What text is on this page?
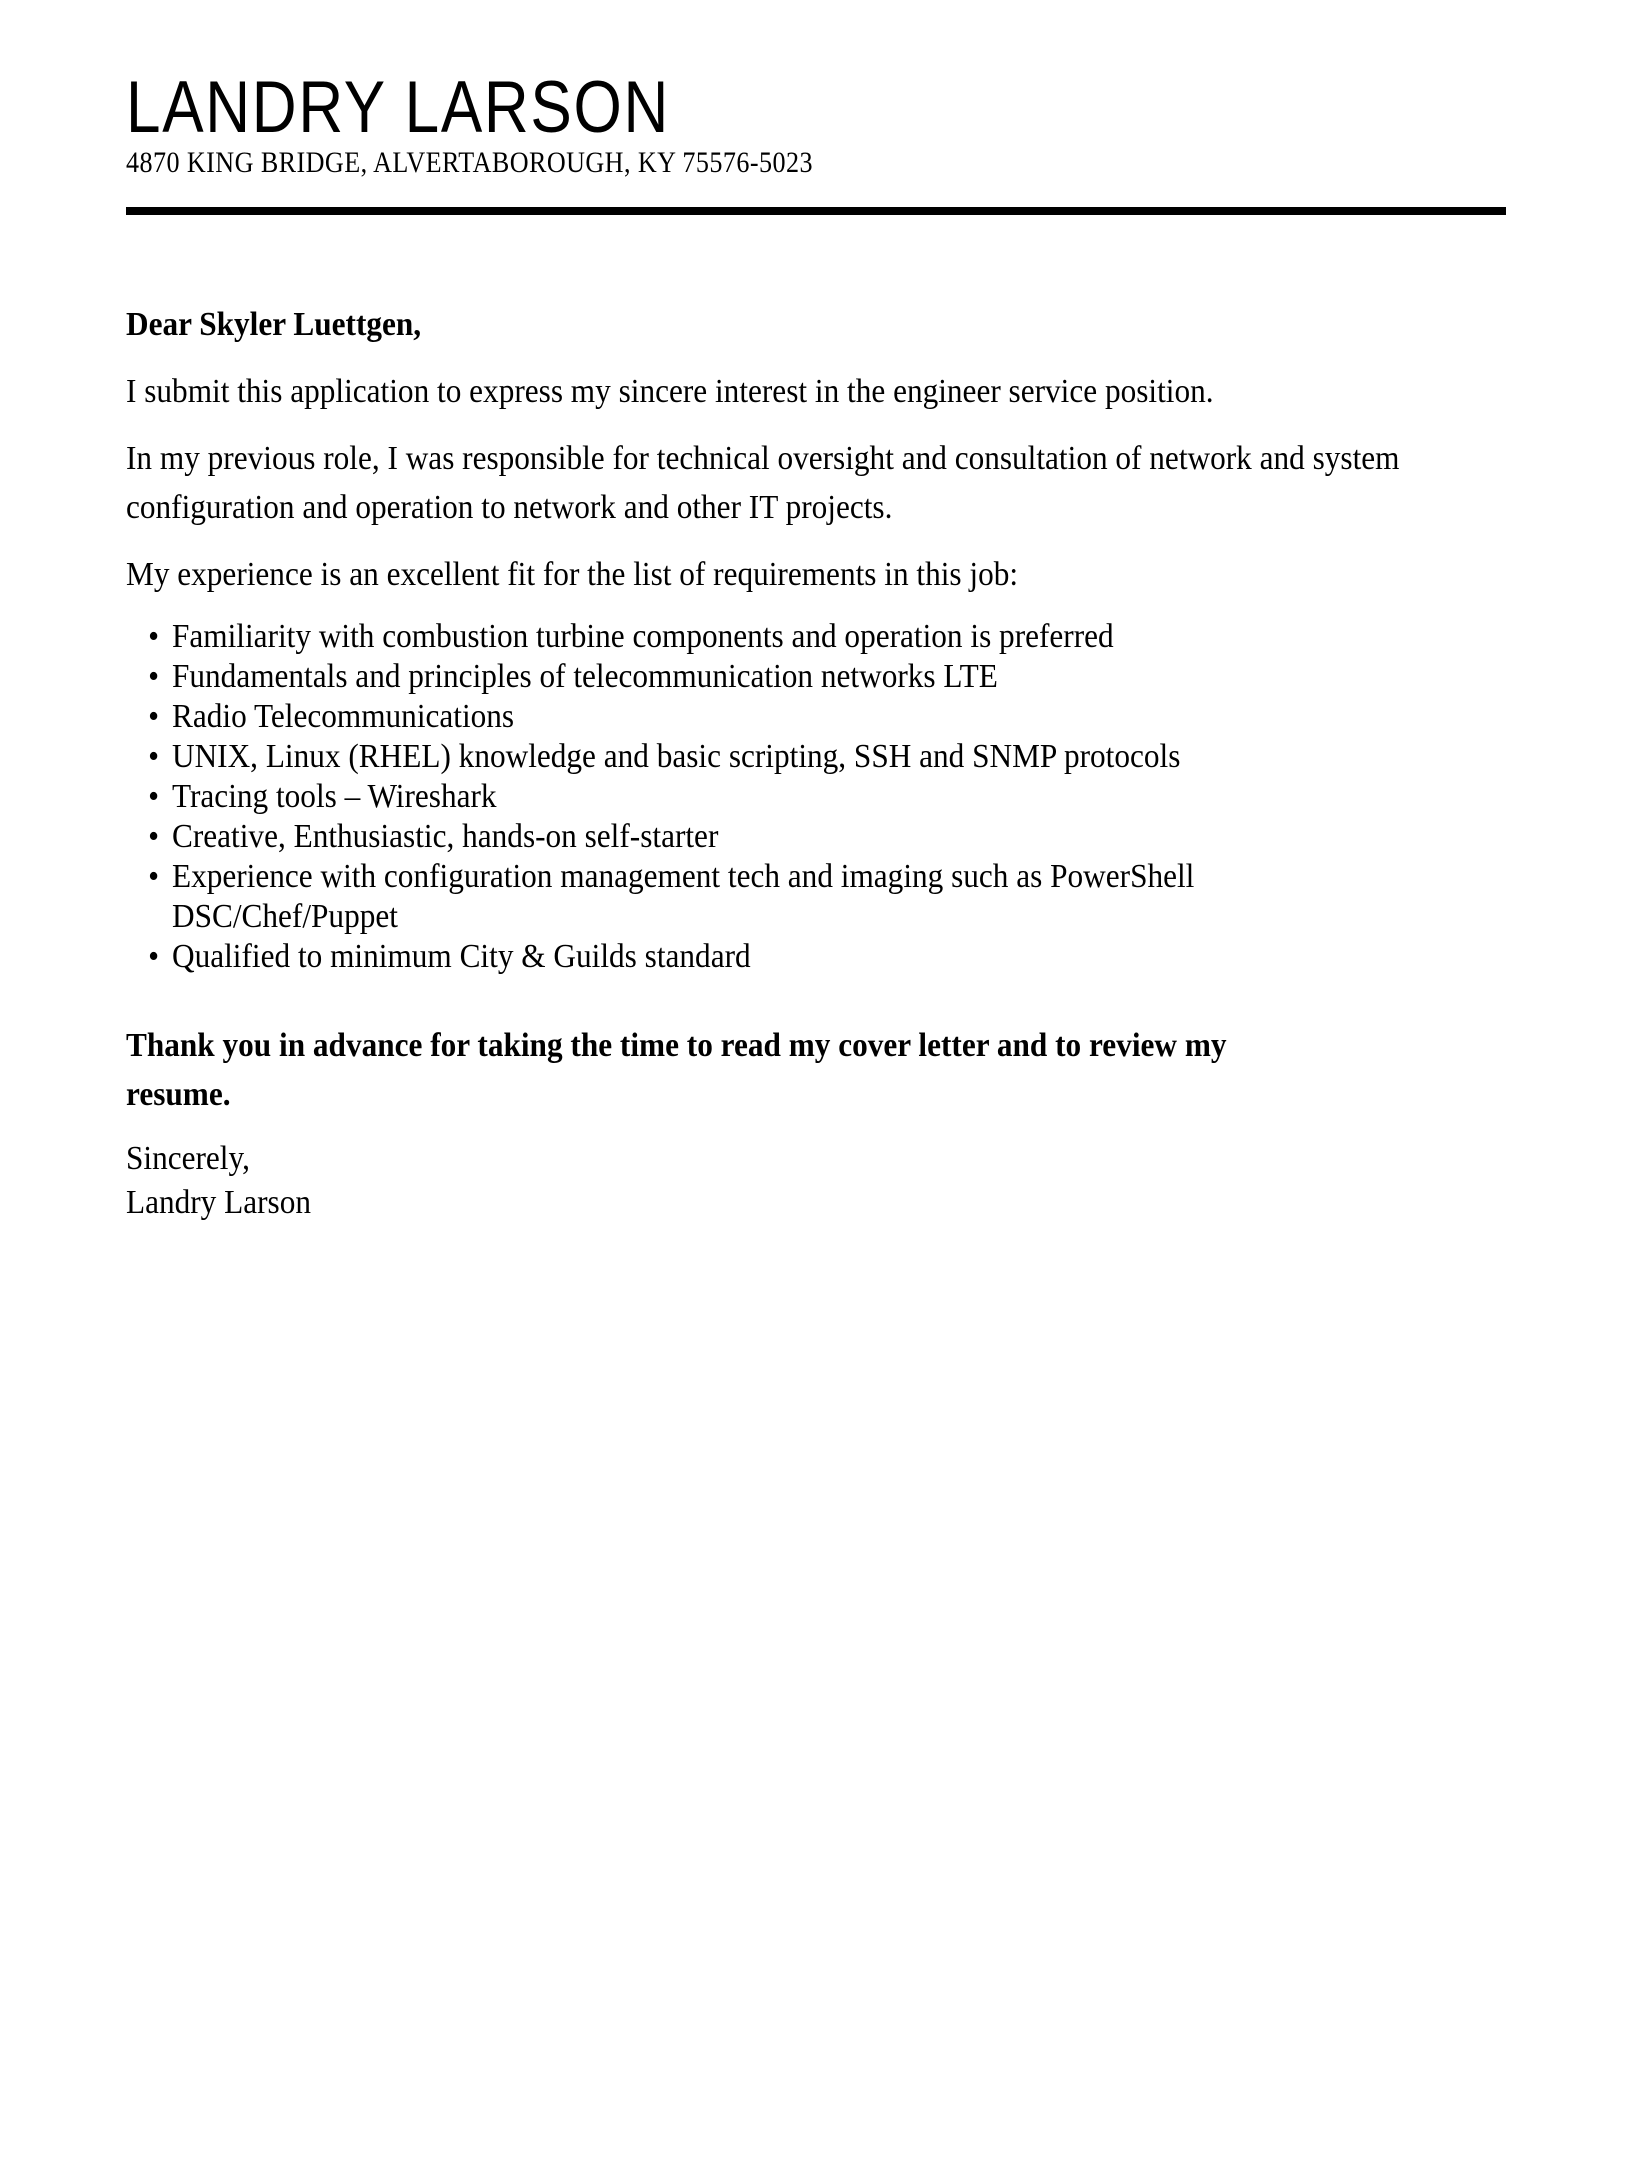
LANDRY LARSON
4870 KING BRIDGE, ALVERTABOROUGH, KY 75576-5023

Dear Skyler Luettgen,

I submit this application to express my sincere interest in the engineer service position.

In my previous role, I was responsible for technical oversight and consultation of network and system configuration and operation to network and other IT projects.

My experience is an excellent fit for the list of requirements in this job:

• Familiarity with combustion turbine components and operation is preferred
• Fundamentals and principles of telecommunication networks LTE
• Radio Telecommunications
• UNIX, Linux (RHEL) knowledge and basic scripting, SSH and SNMP protocols
• Tracing tools – Wireshark
• Creative, Enthusiastic, hands-on self-starter
• Experience with configuration management tech and imaging such as PowerShell DSC/Chef/Puppet
• Qualified to minimum City & Guilds standard

Thank you in advance for taking the time to read my cover letter and to review my resume.

Sincerely,
Landry Larson
